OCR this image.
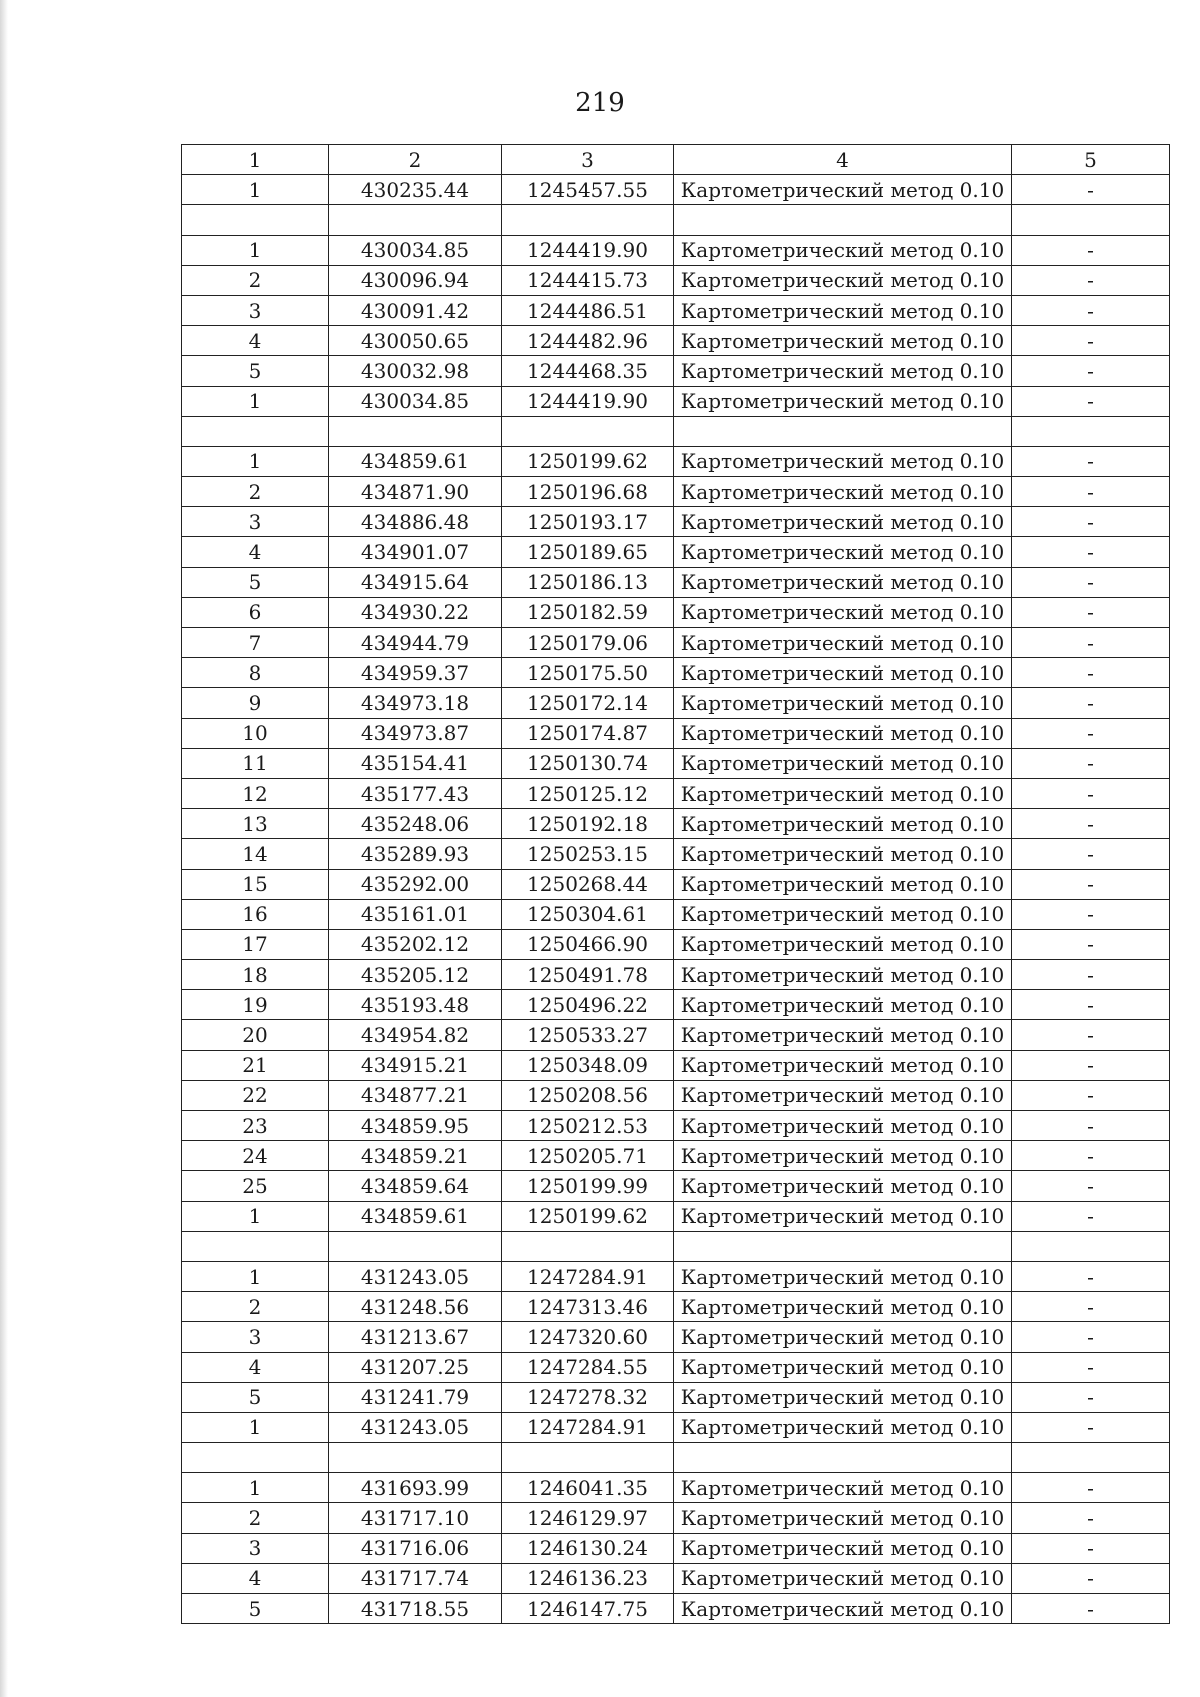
219
1	2	3	4	5
1	430235.44	1245457.55	Картометрический метод 0.10	-

1	430034.85	1244419.90	Картометрический метод 0.10	-
2	430096.94	1244415.73	Картометрический метод 0.10	-
3	430091.42	1244486.51	Картометрический метод 0.10	-
4	430050.65	1244482.96	Картометрический метод 0.10	-
5	430032.98	1244468.35	Картометрический метод 0.10	-
1	430034.85	1244419.90	Картометрический метод 0.10	-

1	434859.61	1250199.62	Картометрический метод 0.10	-
2	434871.90	1250196.68	Картометрический метод 0.10	-
3	434886.48	1250193.17	Картометрический метод 0.10	-
4	434901.07	1250189.65	Картометрический метод 0.10	-
5	434915.64	1250186.13	Картометрический метод 0.10	-
6	434930.22	1250182.59	Картометрический метод 0.10	-
7	434944.79	1250179.06	Картометрический метод 0.10	-
8	434959.37	1250175.50	Картометрический метод 0.10	-
9	434973.18	1250172.14	Картометрический метод 0.10	-
10	434973.87	1250174.87	Картометрический метод 0.10	-
11	435154.41	1250130.74	Картометрический метод 0.10	-
12	435177.43	1250125.12	Картометрический метод 0.10	-
13	435248.06	1250192.18	Картометрический метод 0.10	-
14	435289.93	1250253.15	Картометрический метод 0.10	-
15	435292.00	1250268.44	Картометрический метод 0.10	-
16	435161.01	1250304.61	Картометрический метод 0.10	-
17	435202.12	1250466.90	Картометрический метод 0.10	-
18	435205.12	1250491.78	Картометрический метод 0.10	-
19	435193.48	1250496.22	Картометрический метод 0.10	-
20	434954.82	1250533.27	Картометрический метод 0.10	-
21	434915.21	1250348.09	Картометрический метод 0.10	-
22	434877.21	1250208.56	Картометрический метод 0.10	-
23	434859.95	1250212.53	Картометрический метод 0.10	-
24	434859.21	1250205.71	Картометрический метод 0.10	-
25	434859.64	1250199.99	Картометрический метод 0.10	-
1	434859.61	1250199.62	Картометрический метод 0.10	-

1	431243.05	1247284.91	Картометрический метод 0.10	-
2	431248.56	1247313.46	Картометрический метод 0.10	-
3	431213.67	1247320.60	Картометрический метод 0.10	-
4	431207.25	1247284.55	Картометрический метод 0.10	-
5	431241.79	1247278.32	Картометрический метод 0.10	-
1	431243.05	1247284.91	Картометрический метод 0.10	-

1	431693.99	1246041.35	Картометрический метод 0.10	-
2	431717.10	1246129.97	Картометрический метод 0.10	-
3	431716.06	1246130.24	Картометрический метод 0.10	-
4	431717.74	1246136.23	Картометрический метод 0.10	-
5	431718.55	1246147.75	Картометрический метод 0.10	-
